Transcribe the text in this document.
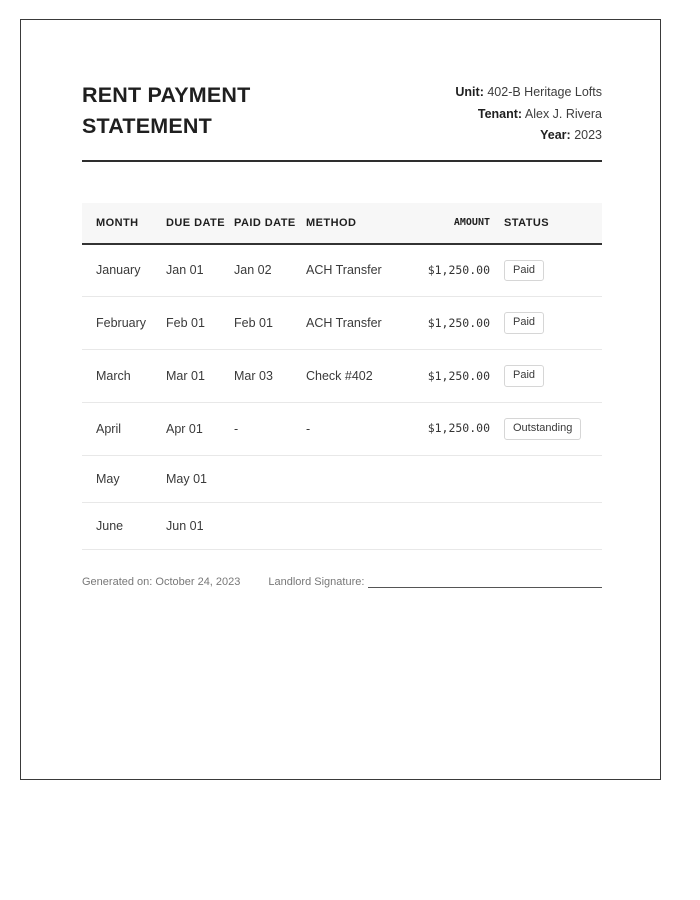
RENT PAYMENT STATEMENT
Unit: 402-B Heritage Lofts
Tenant: Alex J. Rivera
Year: 2023
MONTH	DUE DATE	PAID DATE	METHOD	AMOUNT	STATUS
January	Jan 01	Jan 02	ACH Transfer	$1,250.00	Paid
February	Feb 01	Feb 01	ACH Transfer	$1,250.00	Paid
March	Mar 01	Mar 03	Check #402	$1,250.00	Paid
April	Apr 01	-	-	$1,250.00	Outstanding
May	May 01				
June	Jun 01				
Generated on: October 24, 2023	Landlord Signature:
